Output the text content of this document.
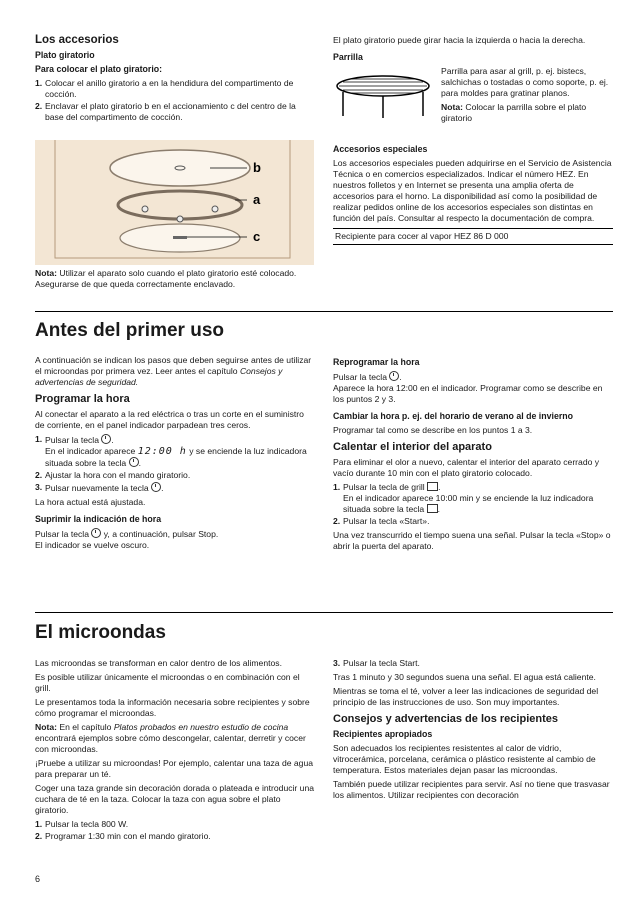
Los accesorios
Plato giratorio
Para colocar el plato giratorio:
1. Colocar el anillo giratorio a en la hendidura del compartimento de cocción.
2. Enclavar el plato giratorio b en el accionamiento c del centro de la base del compartimento de cocción.
b
a
c

Nota: Utilizar el aparato solo cuando el plato giratorio esté colocado. Asegurarse de que queda correctamente enclavado.

El plato giratorio puede girar hacia la izquierda o hacia la derecha.

Parrilla

Parrilla para asar al grill, p. ej. bistecs, salchichas o tostadas o como soporte, p. ej. para moldes para gratinar planos.

Nota: Colocar la parrilla sobre el plato giratorio

Accesorios especiales

Los accesorios especiales pueden adquirirse en el Servicio de Asistencia Técnica o en comercios especializados. Indicar el número HEZ. En nuestros folletos y en Internet se presenta una amplia oferta de accesorios para el horno. La disponibilidad así como la posibilidad de realizar pedidos online de los accesorios especiales son distintas en función del país. Consultar al respecto la documentación de compra.

Recipiente para cocer al vapor HEZ 86 D 000
Antes del primer uso

A continuación se indican los pasos que deben seguirse antes de utilizar el microondas por primera vez. Leer antes el capítulo Consejos y advertencias de seguridad.

Programar la hora

Al conectar el aparato a la red eléctrica o tras un corte en el suministro de corriente, en el panel indicador parpadean tres ceros.

1. Pulsar la tecla .
En el indicador aparece 12:00 h y se enciende la luz indicadora situada sobre la tecla .
2. Ajustar la hora con el mando giratorio.
3. Pulsar nuevamente la tecla .

La hora actual está ajustada.

Suprimir la indicación de hora

Pulsar la tecla y, a continuación, pulsar Stop.
El indicador se vuelve oscuro.

Reprogramar la hora

Pulsar la tecla .
Aparece la hora 12:00 en el indicador. Programar como se describe en los puntos 2 y 3.

Cambiar la hora p. ej. del horario de verano al de invierno

Programar tal como se describe en los puntos 1 a 3.

Calentar el interior del aparato

Para eliminar el olor a nuevo, calentar el interior del aparato cerrado y vacío durante 10 min con el plato giratorio colocado.

1. Pulsar la tecla de grill .
En el indicador aparece 10:00 min y se enciende la luz indicadora situada sobre la tecla .
2. Pulsar la tecla «Start».

Una vez transcurrido el tiempo suena una señal. Pulsar la tecla «Stop» o abrir la puerta del aparato.

El microondas

Las microondas se transforman en calor dentro de los alimentos.

Es posible utilizar únicamente el microondas o en combinación con el grill.

Le presentamos toda la información necesaria sobre recipientes y sobre cómo programar el microondas.

Nota: En el capítulo Platos probados en nuestro estudio de cocina encontrará ejemplos sobre cómo descongelar, calentar, derretir y cocer con microondas.

¡Pruebe a utilizar su microondas! Por ejemplo, calentar una taza de agua para preparar un té.

Coger una taza grande sin decoración dorada o plateada e introducir una cuchara de té en la taza. Colocar la taza con agua sobre el plato giratorio.

1. Pulsar la tecla 800 W.
2. Programar 1:30 min con el mando giratorio.
3. Pulsar la tecla Start.

Tras 1 minuto y 30 segundos suena una señal. El agua está caliente.

Mientras se toma el té, volver a leer las indicaciones de seguridad del principio de las instrucciones de uso. Son muy importantes.

Consejos y advertencias de los recipientes
Recipientes apropiados

Son adecuados los recipientes resistentes al calor de vidrio, vitrocerámica, porcelana, cerámica o plástico resistente al cambio de temperatura. Estos materiales dejan pasar las microondas.

También puede utilizar recipientes para servir. Así no tiene que trasvasar los alimentos. Utilizar recipientes con decoración

6
